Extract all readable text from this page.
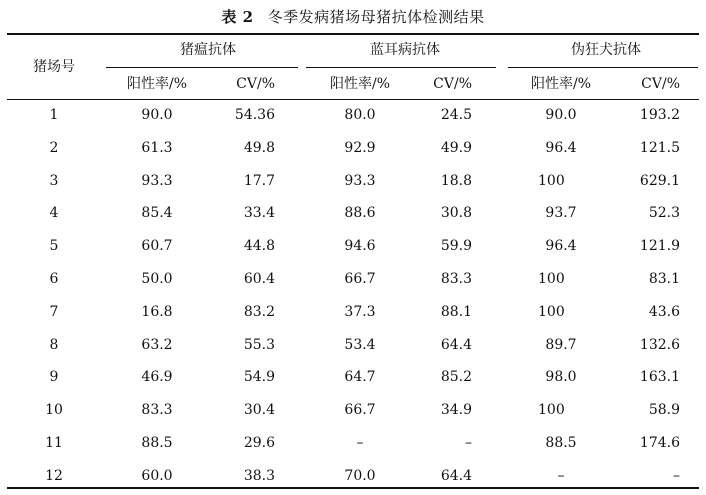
表 2 冬季发病猪场母猪抗体检测结果
猪场号
猪瘟抗体
阳性率/%	CV/%
蓝耳病抗体
阳性率/%	CV/%
伪狂犬抗体
阳性率/%	CV/%
1	90.0	54.36	80.0	24.5	90.0	193.2
2	61.3	49.8	92.9	49.9	96.4	121.5
3	93.3	17.7	93.3	18.8	100	629.1
4	85.4	33.4	88.6	30.8	93.7	52.3
5	60.7	44.8	94.6	59.9	96.4	121.9
6	50.0	60.4	66.7	83.3	100	83.1
7	16.8	83.2	37.3	88.1	100	43.6
8	63.2	55.3	53.4	64.4	89.7	132.6
9	46.9	54.9	64.7	85.2	98.0	163.1
10	83.3	30.4	66.7	34.9	100	58.9
11	88.5	29.6	–	–	88.5	174.6
12	60.0	38.3	70.0	64.4	–	–
